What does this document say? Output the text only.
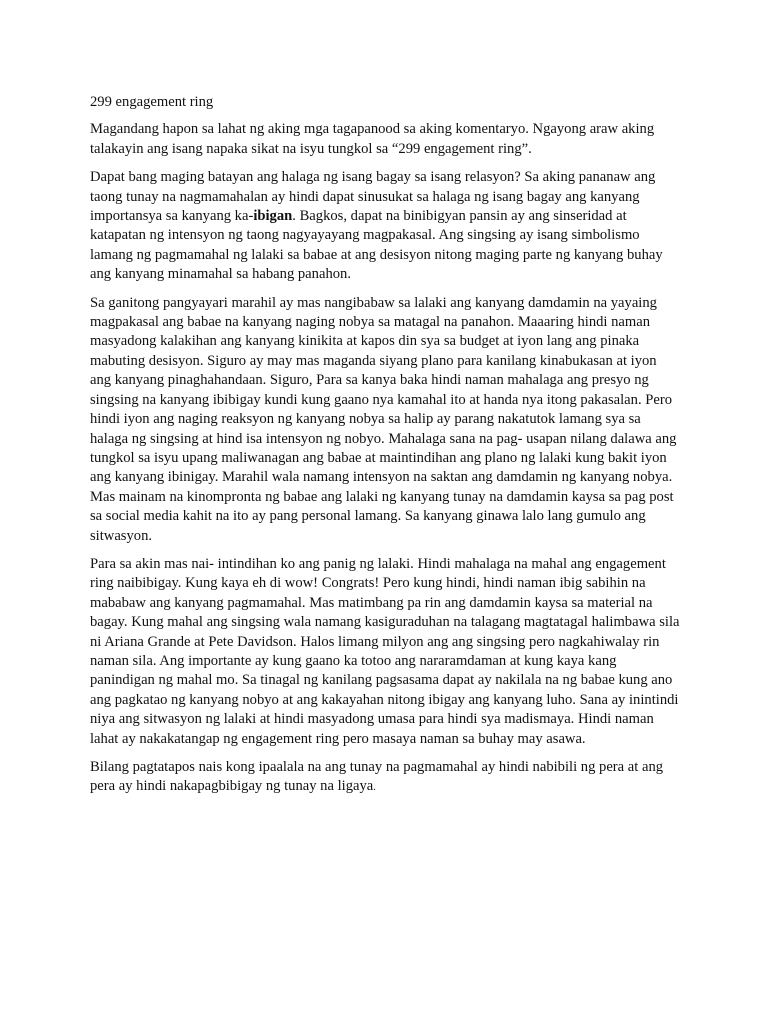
299 engagement ring

Magandang hapon sa lahat ng aking mga tagapanood sa aking komentaryo. Ngayong araw aking talakayin ang isang napaka sikat na isyu tungkol sa “299 engagement ring”.

Dapat bang maging batayan ang halaga ng isang bagay sa isang relasyon? Sa aking pananaw ang taong tunay na nagmamahalan ay hindi dapat sinusukat sa halaga ng isang bagay ang kanyang importansya sa kanyang ka-ibigan. Bagkos, dapat na binibigyan pansin ay ang sinseridad at katapatan ng intensyon ng taong nagyayayang magpakasal. Ang singsing ay isang simbolismo lamang ng pagmamahal ng lalaki sa babae at ang desisyon nitong maging parte ng kanyang buhay ang kanyang minamahal sa habang panahon.

Sa ganitong pangyayari marahil ay mas nangibabaw sa lalaki ang kanyang damdamin na yayaing magpakasal ang babae na kanyang naging nobya sa matagal na panahon. Maaaring hindi naman masyadong kalakihan ang kanyang kinikita at kapos din sya sa budget at iyon lang ang pinaka mabuting desisyon. Siguro ay may mas maganda siyang plano para kanilang kinabukasan at iyon ang kanyang pinaghahandaan. Siguro, Para sa kanya baka hindi naman mahalaga ang presyo ng singsing na kanyang ibibigay kundi kung gaano nya kamahal ito at handa nya itong pakasalan. Pero hindi iyon ang naging reaksyon ng kanyang nobya sa halip ay parang nakatutok lamang sya sa halaga ng singsing at hind isa intensyon ng nobyo. Mahalaga sana na pag- usapan nilang dalawa ang tungkol sa isyu upang maliwanagan ang babae at maintindihan ang plano ng lalaki kung bakit iyon ang kanyang ibinigay. Marahil wala namang intensyon na saktan ang damdamin ng kanyang nobya. Mas mainam na kinompronta ng babae ang lalaki ng kanyang tunay na damdamin kaysa sa pag post sa social media kahit na ito ay pang personal lamang. Sa kanyang ginawa lalo lang gumulo ang sitwasyon.

Para sa akin mas nai- intindihan ko ang panig ng lalaki. Hindi mahalaga na mahal ang engagement ring naibibigay. Kung kaya eh di wow! Congrats! Pero kung hindi, hindi naman ibig sabihin na mababaw ang kanyang pagmamahal. Mas matimbang pa rin ang damdamin kaysa sa material na bagay. Kung mahal ang singsing wala namang kasiguraduhan na talagang magtatagal halimbawa sila ni Ariana Grande at Pete Davidson. Halos limang milyon ang ang singsing pero nagkahiwalay rin naman sila. Ang importante ay kung gaano ka totoo ang nararamdaman at kung kaya kang panindigan ng mahal mo. Sa tinagal ng kanilang pagsasama dapat ay nakilala na ng babae kung ano ang pagkatao ng kanyang nobyo at ang kakayahan nitong ibigay ang kanyang luho. Sana ay inintindi niya ang sitwasyon ng lalaki at hindi masyadong umasa para hindi sya madismaya. Hindi naman lahat ay nakakatangap ng engagement ring pero masaya naman sa buhay may asawa.

Bilang pagtatapos nais kong ipaalala na ang tunay na pagmamahal ay hindi nabibili ng pera at ang pera ay hindi nakapagbibigay ng tunay na ligaya.
